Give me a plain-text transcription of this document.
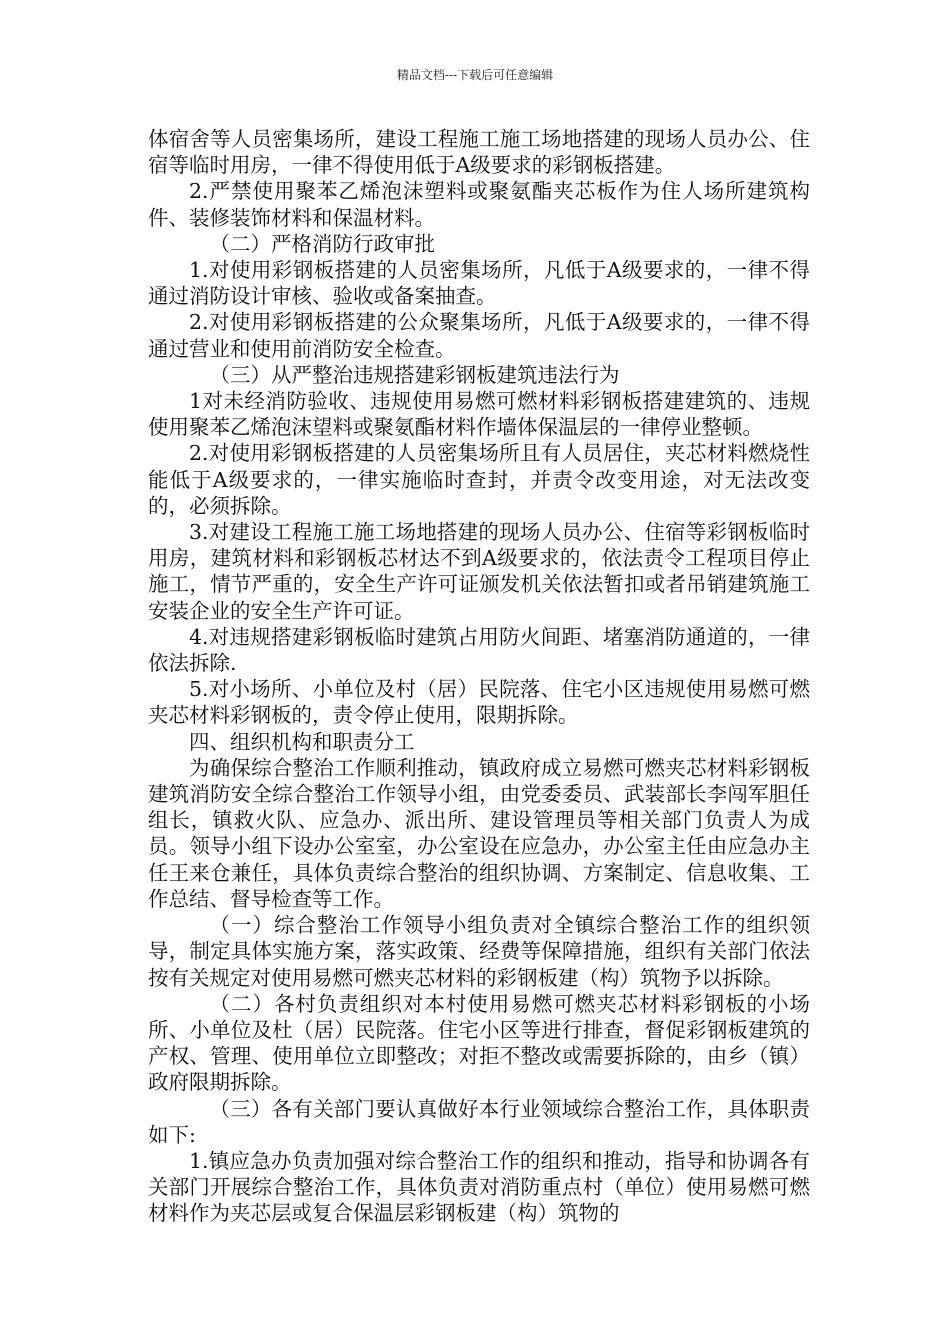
精品文档---下载后可任意编辑

体宿舍等人员密集场所，建设工程施工施工场地搭建的现场人员办公、住宿等临时用房，一律不得使用低于A级要求的彩钢板搭建。

2.严禁使用聚苯乙烯泡沫塑料或聚氨酯夹芯板作为住人场所建筑构件、装修装饰材料和保温材料。

（二）严格消防行政审批

1.对使用彩钢板搭建的人员密集场所，凡低于A级要求的，一律不得通过消防设计审核、验收或备案抽查。

2.对使用彩钢板搭建的公众聚集场所，凡低于A级要求的，一律不得通过营业和使用前消防安全检查。

（三）从严整治违规搭建彩钢板建筑违法行为

1对未经消防验收、违规使用易燃可燃材料彩钢板搭建建筑的、违规使用聚苯乙烯泡沫望料或聚氨酯材料作墙体保温层的一律停业整顿。

2.对使用彩钢板搭建的人员密集场所且有人员居住，夹芯材料燃烧性能低于A级要求的，一律实施临时查封，并责令改变用途，对无法改变的，必须拆除。

3.对建设工程施工施工场地搭建的现场人员办公、住宿等彩钢板临时用房，建筑材料和彩钢板芯材达不到A级要求的，依法责令工程项目停止施工，情节严重的，安全生产许可证颁发机关依法暂扣或者吊销建筑施工安装企业的安全生产许可证。

4.对违规搭建彩钢板临时建筑占用防火间距、堵塞消防通道的，一律依法拆除.

5.对小场所、小单位及村（居）民院落、住宅小区违规使用易燃可燃夹芯材料彩钢板的，责令停止使用，限期拆除。

四、组织机构和职责分工

为确保综合整治工作顺利推动，镇政府成立易燃可燃夹芯材料彩钢板建筑消防安全综合整治工作领导小组，由党委委员、武装部长李闯军胆任组长，镇救火队、应急办、派出所、建设管理员等相关部门负责人为成员。领导小组下设办公室室，办公室设在应急办，办公室主任由应急办主任王来仓兼任，具体负责综合整治的组织协调、方案制定、信息收集、工作总结、督导检查等工作。

（一）综合整治工作领导小组负责对全镇综合整治工作的组织领导，制定具体实施方案，落实政策、经费等保障措施，组织有关部门依法按有关规定对使用易燃可燃夹芯材料的彩钢板建（构）筑物予以拆除。

（二）各村负责组织对本村使用易燃可燃夹芯材料彩钢板的小场所、小单位及杜（居）民院落。住宅小区等进行排查，督促彩钢板建筑的产权、管理、使用单位立即整改；对拒不整改或需要拆除的，由乡（镇）政府限期拆除。

（三）各有关部门要认真做好本行业领域综合整治工作，具体职责如下:

1.镇应急办负责加强对综合整治工作的组织和推动，指导和协调各有关部门开展综合整治工作，具体负责对消防重点村（单位）使用易燃可燃材料作为夹芯层或复合保温层彩钢板建（构）筑物的
